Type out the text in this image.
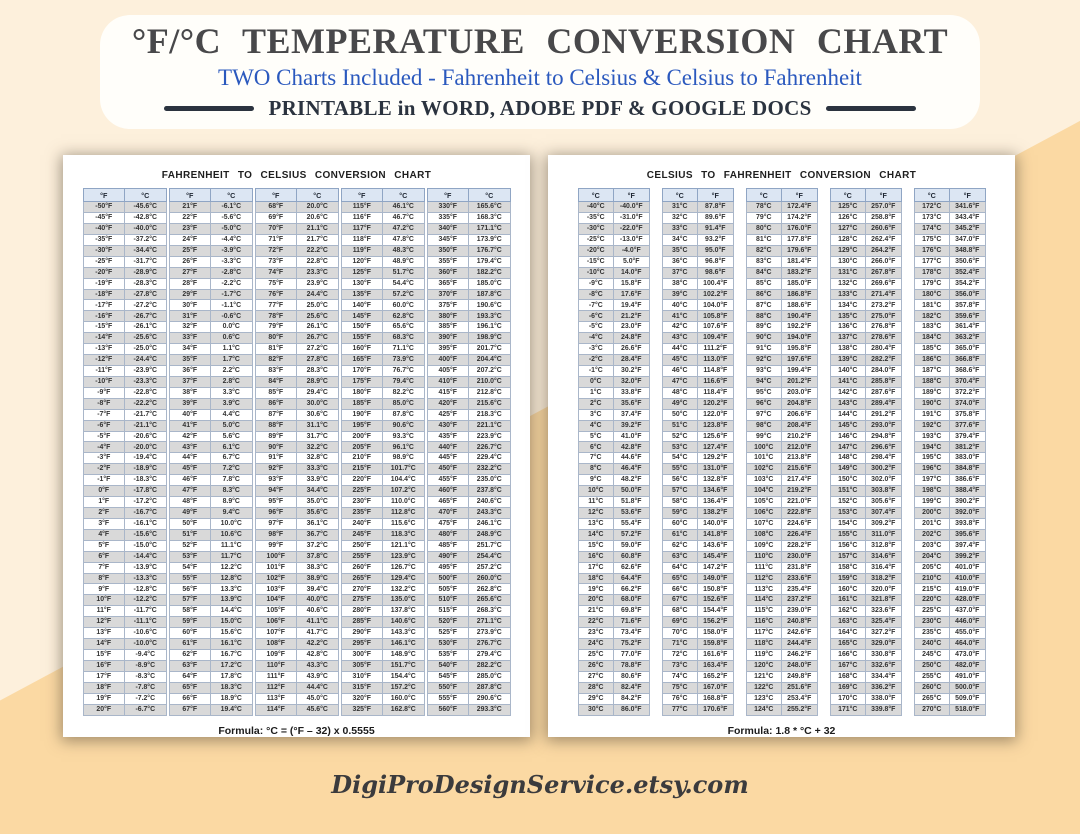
°F/°C TEMPERATURE CONVERSION CHART
TWO Charts Included - Fahrenheit to Celsius & Celsius to Fahrenheit
PRINTABLE in WORD, ADOBE PDF & GOOGLE DOCS
FAHRENHEIT TO CELSIUS CONVERSION CHART
°F	°C
-50°F	-45.6°C
-45°F	-42.8°C
-40°F	-40.0°C
-35°F	-37.2°C
-30°F	-34.4°C
-25°F	-31.7°C
-20°F	-28.9°C
-19°F	-28.3°C
-18°F	-27.8°C
-17°F	-27.2°C
-16°F	-26.7°C
-15°F	-26.1°C
-14°F	-25.6°C
-13°F	-25.0°C
-12°F	-24.4°C
-11°F	-23.9°C
-10°F	-23.3°C
-9°F	-22.8°C
-8°F	-22.2°C
-7°F	-21.7°C
-6°F	-21.1°C
-5°F	-20.6°C
-4°F	-20.0°C
-3°F	-19.4°C
-2°F	-18.9°C
-1°F	-18.3°C
0°F	-17.8°C
1°F	-17.2°C
2°F	-16.7°C
3°F	-16.1°C
4°F	-15.6°C
5°F	-15.0°C
6°F	-14.4°C
7°F	-13.9°C
8°F	-13.3°C
9°F	-12.8°C
10°F	-12.2°C
11°F	-11.7°C
12°F	-11.1°C
13°F	-10.6°C
14°F	-10.0°C
15°F	-9.4°C
16°F	-8.9°C
17°F	-8.3°C
18°F	-7.8°C
19°F	-7.2°C
20°F	-6.7°C
°F	°C
21°F	-6.1°C
22°F	-5.6°C
23°F	-5.0°C
24°F	-4.4°C
25°F	-3.9°C
26°F	-3.3°C
27°F	-2.8°C
28°F	-2.2°C
29°F	-1.7°C
30°F	-1.1°C
31°F	-0.6°C
32°F	0.0°C
33°F	0.6°C
34°F	1.1°C
35°F	1.7°C
36°F	2.2°C
37°F	2.8°C
38°F	3.3°C
39°F	3.9°C
40°F	4.4°C
41°F	5.0°C
42°F	5.6°C
43°F	6.1°C
44°F	6.7°C
45°F	7.2°C
46°F	7.8°C
47°F	8.3°C
48°F	8.9°C
49°F	9.4°C
50°F	10.0°C
51°F	10.6°C
52°F	11.1°C
53°F	11.7°C
54°F	12.2°C
55°F	12.8°C
56°F	13.3°C
57°F	13.9°C
58°F	14.4°C
59°F	15.0°C
60°F	15.6°C
61°F	16.1°C
62°F	16.7°C
63°F	17.2°C
64°F	17.8°C
65°F	18.3°C
66°F	18.9°C
67°F	19.4°C
°F	°C
68°F	20.0°C
69°F	20.6°C
70°F	21.1°C
71°F	21.7°C
72°F	22.2°C
73°F	22.8°C
74°F	23.3°C
75°F	23.9°C
76°F	24.4°C
77°F	25.0°C
78°F	25.6°C
79°F	26.1°C
80°F	26.7°C
81°F	27.2°C
82°F	27.8°C
83°F	28.3°C
84°F	28.9°C
85°F	29.4°C
86°F	30.0°C
87°F	30.6°C
88°F	31.1°C
89°F	31.7°C
90°F	32.2°C
91°F	32.8°C
92°F	33.3°C
93°F	33.9°C
94°F	34.4°C
95°F	35.0°C
96°F	35.6°C
97°F	36.1°C
98°F	36.7°C
99°F	37.2°C
100°F	37.8°C
101°F	38.3°C
102°F	38.9°C
103°F	39.4°C
104°F	40.0°C
105°F	40.6°C
106°F	41.1°C
107°F	41.7°C
108°F	42.2°C
109°F	42.8°C
110°F	43.3°C
111°F	43.9°C
112°F	44.4°C
113°F	45.0°C
114°F	45.6°C
°F	°C
115°F	46.1°C
116°F	46.7°C
117°F	47.2°C
118°F	47.8°C
119°F	48.3°C
120°F	48.9°C
125°F	51.7°C
130°F	54.4°C
135°F	57.2°C
140°F	60.0°C
145°F	62.8°C
150°F	65.6°C
155°F	68.3°C
160°F	71.1°C
165°F	73.9°C
170°F	76.7°C
175°F	79.4°C
180°F	82.2°C
185°F	85.0°C
190°F	87.8°C
195°F	90.6°C
200°F	93.3°C
205°F	96.1°C
210°F	98.9°C
215°F	101.7°C
220°F	104.4°C
225°F	107.2°C
230°F	110.0°C
235°F	112.8°C
240°F	115.6°C
245°F	118.3°C
250°F	121.1°C
255°F	123.9°C
260°F	126.7°C
265°F	129.4°C
270°F	132.2°C
275°F	135.0°C
280°F	137.8°C
285°F	140.6°C
290°F	143.3°C
295°F	146.1°C
300°F	148.9°C
305°F	151.7°C
310°F	154.4°C
315°F	157.2°C
320°F	160.0°C
325°F	162.8°C
°F	°C
330°F	165.6°C
335°F	168.3°C
340°F	171.1°C
345°F	173.9°C
350°F	176.7°C
355°F	179.4°C
360°F	182.2°C
365°F	185.0°C
370°F	187.8°C
375°F	190.6°C
380°F	193.3°C
385°F	196.1°C
390°F	198.9°C
395°F	201.7°C
400°F	204.4°C
405°F	207.2°C
410°F	210.0°C
415°F	212.8°C
420°F	215.6°C
425°F	218.3°C
430°F	221.1°C
435°F	223.9°C
440°F	226.7°C
445°F	229.4°C
450°F	232.2°C
455°F	235.0°C
460°F	237.8°C
465°F	240.6°C
470°F	243.3°C
475°F	246.1°C
480°F	248.9°C
485°F	251.7°C
490°F	254.4°C
495°F	257.2°C
500°F	260.0°C
505°F	262.8°C
510°F	265.6°C
515°F	268.3°C
520°F	271.1°C
525°F	273.9°C
530°F	276.7°C
535°F	279.4°C
540°F	282.2°C
545°F	285.0°C
550°F	287.8°C
555°F	290.6°C
560°F	293.3°C
Formula: °C = (°F – 32) x 0.5555
CELSIUS TO FAHRENHEIT CONVERSION CHART
°C	°F
-40°C	-40.0°F
-35°C	-31.0°F
-30°C	-22.0°F
-25°C	-13.0°F
-20°C	-4.0°F
-15°C	5.0°F
-10°C	14.0°F
-9°C	15.8°F
-8°C	17.6°F
-7°C	19.4°F
-6°C	21.2°F
-5°C	23.0°F
-4°C	24.8°F
-3°C	26.6°F
-2°C	28.4°F
-1°C	30.2°F
0°C	32.0°F
1°C	33.8°F
2°C	35.6°F
3°C	37.4°F
4°C	39.2°F
5°C	41.0°F
6°C	42.8°F
7°C	44.6°F
8°C	46.4°F
9°C	48.2°F
10°C	50.0°F
11°C	51.8°F
12°C	53.6°F
13°C	55.4°F
14°C	57.2°F
15°C	59.0°F
16°C	60.8°F
17°C	62.6°F
18°C	64.4°F
19°C	66.2°F
20°C	68.0°F
21°C	69.8°F
22°C	71.6°F
23°C	73.4°F
24°C	75.2°F
25°C	77.0°F
26°C	78.8°F
27°C	80.6°F
28°C	82.4°F
29°C	84.2°F
30°C	86.0°F
°C	°F
31°C	87.8°F
32°C	89.6°F
33°C	91.4°F
34°C	93.2°F
35°C	95.0°F
36°C	96.8°F
37°C	98.6°F
38°C	100.4°F
39°C	102.2°F
40°C	104.0°F
41°C	105.8°F
42°C	107.6°F
43°C	109.4°F
44°C	111.2°F
45°C	113.0°F
46°C	114.8°F
47°C	116.6°F
48°C	118.4°F
49°C	120.2°F
50°C	122.0°F
51°C	123.8°F
52°C	125.6°F
53°C	127.4°F
54°C	129.2°F
55°C	131.0°F
56°C	132.8°F
57°C	134.6°F
58°C	136.4°F
59°C	138.2°F
60°C	140.0°F
61°C	141.8°F
62°C	143.6°F
63°C	145.4°F
64°C	147.2°F
65°C	149.0°F
66°C	150.8°F
67°C	152.6°F
68°C	154.4°F
69°C	156.2°F
70°C	158.0°F
71°C	159.8°F
72°C	161.6°F
73°C	163.4°F
74°C	165.2°F
75°C	167.0°F
76°C	168.8°F
77°C	170.6°F
°C	°F
78°C	172.4°F
79°C	174.2°F
80°C	176.0°F
81°C	177.8°F
82°C	179.6°F
83°C	181.4°F
84°C	183.2°F
85°C	185.0°F
86°C	186.8°F
87°C	188.6°F
88°C	190.4°F
89°C	192.2°F
90°C	194.0°F
91°C	195.8°F
92°C	197.6°F
93°C	199.4°F
94°C	201.2°F
95°C	203.0°F
96°C	204.8°F
97°C	206.6°F
98°C	208.4°F
99°C	210.2°F
100°C	212.0°F
101°C	213.8°F
102°C	215.6°F
103°C	217.4°F
104°C	219.2°F
105°C	221.0°F
106°C	222.8°F
107°C	224.6°F
108°C	226.4°F
109°C	228.2°F
110°C	230.0°F
111°C	231.8°F
112°C	233.6°F
113°C	235.4°F
114°C	237.2°F
115°C	239.0°F
116°C	240.8°F
117°C	242.6°F
118°C	244.4°F
119°C	246.2°F
120°C	248.0°F
121°C	249.8°F
122°C	251.6°F
123°C	253.4°F
124°C	255.2°F
°C	°F
125°C	257.0°F
126°C	258.8°F
127°C	260.6°F
128°C	262.4°F
129°C	264.2°F
130°C	266.0°F
131°C	267.8°F
132°C	269.6°F
133°C	271.4°F
134°C	273.2°F
135°C	275.0°F
136°C	276.8°F
137°C	278.6°F
138°C	280.4°F
139°C	282.2°F
140°C	284.0°F
141°C	285.8°F
142°C	287.6°F
143°C	289.4°F
144°C	291.2°F
145°C	293.0°F
146°C	294.8°F
147°C	296.6°F
148°C	298.4°F
149°C	300.2°F
150°C	302.0°F
151°C	303.8°F
152°C	305.6°F
153°C	307.4°F
154°C	309.2°F
155°C	311.0°F
156°C	312.8°F
157°C	314.6°F
158°C	316.4°F
159°C	318.2°F
160°C	320.0°F
161°C	321.8°F
162°C	323.6°F
163°C	325.4°F
164°C	327.2°F
165°C	329.0°F
166°C	330.8°F
167°C	332.6°F
168°C	334.4°F
169°C	336.2°F
170°C	338.0°F
171°C	339.8°F
°C	°F
172°C	341.6°F
173°C	343.4°F
174°C	345.2°F
175°C	347.0°F
176°C	348.8°F
177°C	350.6°F
178°C	352.4°F
179°C	354.2°F
180°C	356.0°F
181°C	357.8°F
182°C	359.6°F
183°C	361.4°F
184°C	363.2°F
185°C	365.0°F
186°C	366.8°F
187°C	368.6°F
188°C	370.4°F
189°C	372.2°F
190°C	374.0°F
191°C	375.8°F
192°C	377.6°F
193°C	379.4°F
194°C	381.2°F
195°C	383.0°F
196°C	384.8°F
197°C	386.6°F
198°C	388.4°F
199°C	390.2°F
200°C	392.0°F
201°C	393.8°F
202°C	395.6°F
203°C	397.4°F
204°C	399.2°F
205°C	401.0°F
210°C	410.0°F
215°C	419.0°F
220°C	428.0°F
225°C	437.0°F
230°C	446.0°F
235°C	455.0°F
240°C	464.0°F
245°C	473.0°F
250°C	482.0°F
255°C	491.0°F
260°C	500.0°F
265°C	509.0°F
270°C	518.0°F
Formula: 1.8 * °C + 32
DigiProDesignService.etsy.com
